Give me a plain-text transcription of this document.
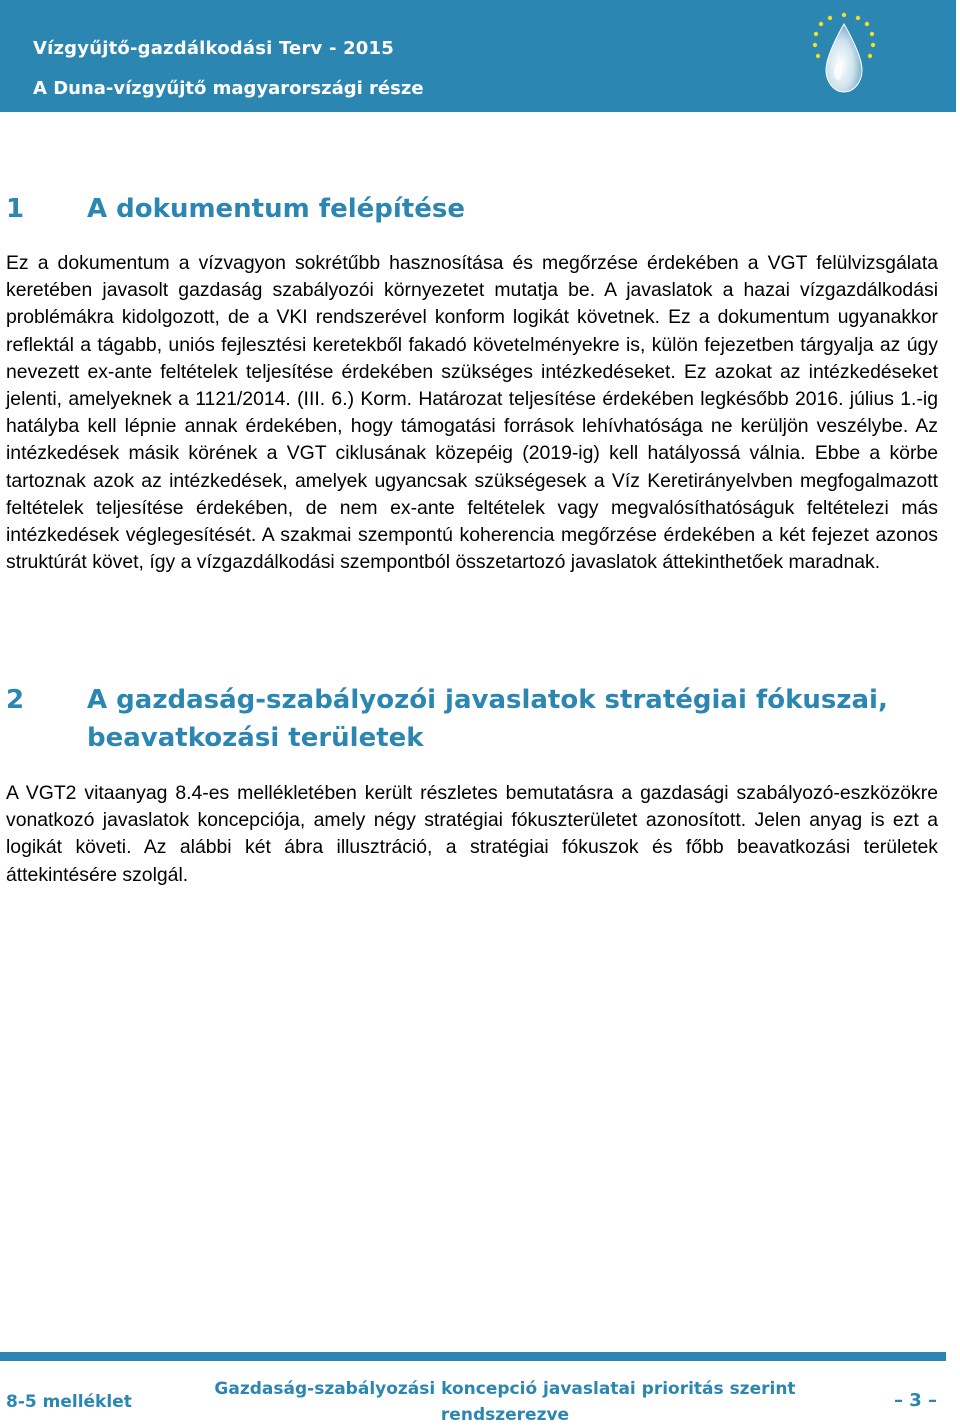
Vízgyűjtő-gazdálkodási Terv - 2015

A Duna-vízgyűjtő magyarországi része

1 A dokumentum felépítése

Ez a dokumentum a vízvagyon sokrétűbb hasznosítása és megőrzése érdekében a VGT felülvizsgálata keretében javasolt gazdaság szabályozói környezetet mutatja be. A javaslatok a hazai vízgazdálkodási problémákra kidolgozott, de a VKI rendszerével konform logikát követnek. Ez a dokumentum ugyanakkor reflektál a tágabb, uniós fejlesztési keretekből fakadó követelményekre is, külön fejezetben tárgyalja az úgy nevezett ex-ante feltételek teljesítése érdekében szükséges intézkedéseket. Ez azokat az intézkedéseket jelenti, amelyeknek a 1121/2014. (III. 6.) Korm. Határozat teljesítése érdekében legkésőbb 2016. július 1.-ig hatályba kell lépnie annak érdekében, hogy támogatási források lehívhatósága ne kerüljön veszélybe. Az intézkedések másik körének a VGT ciklusának közepéig (2019-ig) kell hatályossá válnia. Ebbe a körbe tartoznak azok az intézkedések, amelyek ugyancsak szükségesek a Víz Keretirányelvben megfogalmazott feltételek teljesítése érdekében, de nem ex-ante feltételek vagy megvalósíthatóságuk feltételezi más intézkedések véglegesítését. A szakmai szempontú koherencia megőrzése érdekében a két fejezet azonos struktúrát követ, így a vízgazdálkodási szempontból összetartozó javaslatok áttekinthetőek maradnak.

2 A gazdaság-szabályozói javaslatok stratégiai fókuszai, beavatkozási területek

A VGT2 vitaanyag 8.4-es mellékletében került részletes bemutatásra a gazdasági szabályozó-eszközökre vonatkozó javaslatok koncepciója, amely négy stratégiai fókuszterületet azonosított. Jelen anyag is ezt a logikát követi. Az alábbi két ábra illusztráció, a stratégiai fókuszok és főbb beavatkozási területek áttekintésére szolgál.

8-5 melléklet

Gazdaság-szabályozási koncepció javaslatai prioritás szerint rendszerezve

– 3 –
